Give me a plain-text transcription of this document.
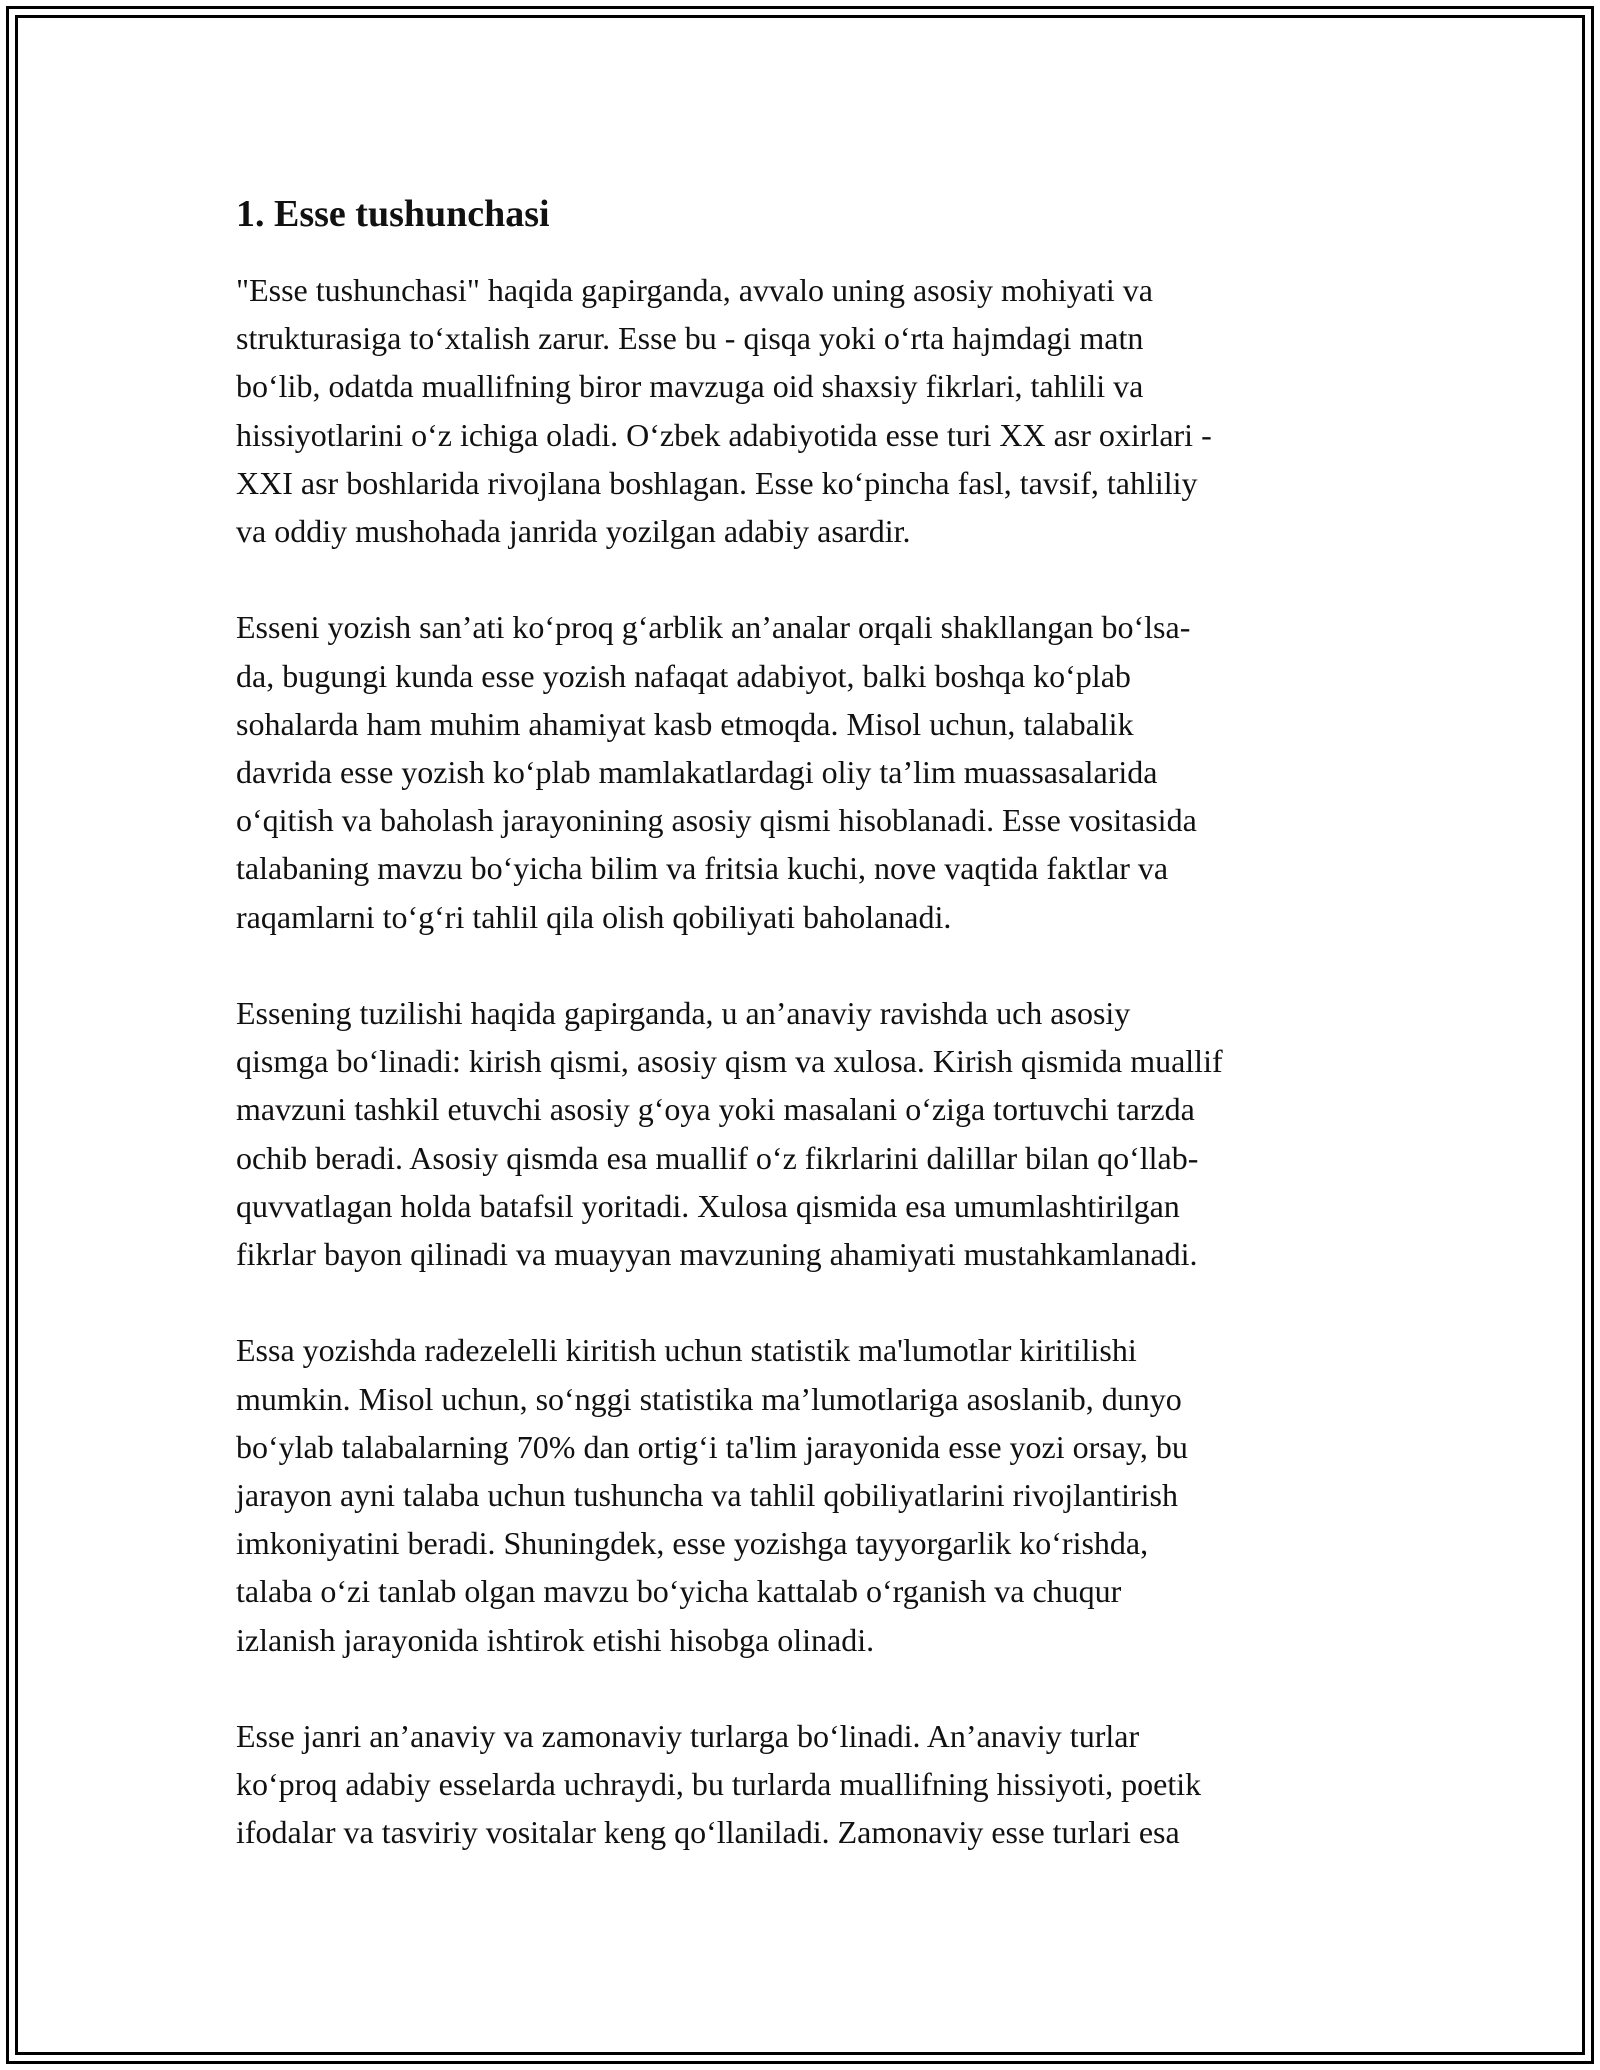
1. Esse tushunchasi

"Esse tushunchasi" haqida gapirganda, avvalo uning asosiy mohiyati va
strukturasiga to‘xtalish zarur. Esse bu - qisqa yoki o‘rta hajmdagi matn
bo‘lib, odatda muallifning biror mavzuga oid shaxsiy fikrlari, tahlili va
hissiyotlarini o‘z ichiga oladi. O‘zbek adabiyotida esse turi XX asr oxirlari -
XXI asr boshlarida rivojlana boshlagan. Esse ko‘pincha fasl, tavsif, tahliliy
va oddiy mushohada janrida yozilgan adabiy asardir.

Esseni yozish san’ati ko‘proq g‘arblik an’analar orqali shakllangan bo‘lsa-
da, bugungi kunda esse yozish nafaqat adabiyot, balki boshqa ko‘plab
sohalarda ham muhim ahamiyat kasb etmoqda. Misol uchun, talabalik
davrida esse yozish ko‘plab mamlakatlardagi oliy ta’lim muassasalarida
o‘qitish va baholash jarayonining asosiy qismi hisoblanadi. Esse vositasida
talabaning mavzu bo‘yicha bilim va fritsia kuchi, nove vaqtida faktlar va
raqamlarni to‘g‘ri tahlil qila olish qobiliyati baholanadi.

Essening tuzilishi haqida gapirganda, u an’anaviy ravishda uch asosiy
qismga bo‘linadi: kirish qismi, asosiy qism va xulosa. Kirish qismida muallif
mavzuni tashkil etuvchi asosiy g‘oya yoki masalani o‘ziga tortuvchi tarzda
ochib beradi. Asosiy qismda esa muallif o‘z fikrlarini dalillar bilan qo‘llab-
quvvatlagan holda batafsil yoritadi. Xulosa qismida esa umumlashtirilgan
fikrlar bayon qilinadi va muayyan mavzuning ahamiyati mustahkamlanadi.

Essa yozishda radezelelli kiritish uchun statistik ma'lumotlar kiritilishi
mumkin. Misol uchun, so‘nggi statistika ma’lumotlariga asoslanib, dunyo
bo‘ylab talabalarning 70% dan ortig‘i ta'lim jarayonida esse yozi orsay, bu
jarayon ayni talaba uchun tushuncha va tahlil qobiliyatlarini rivojlantirish
imkoniyatini beradi. Shuningdek, esse yozishga tayyorgarlik ko‘rishda,
talaba o‘zi tanlab olgan mavzu bo‘yicha kattalab o‘rganish va chuqur
izlanish jarayonida ishtirok etishi hisobga olinadi.

Esse janri an’anaviy va zamonaviy turlarga bo‘linadi. An’anaviy turlar
ko‘proq adabiy esselarda uchraydi, bu turlarda muallifning hissiyoti, poetik
ifodalar va tasviriy vositalar keng qo‘llaniladi. Zamonaviy esse turlari esa
